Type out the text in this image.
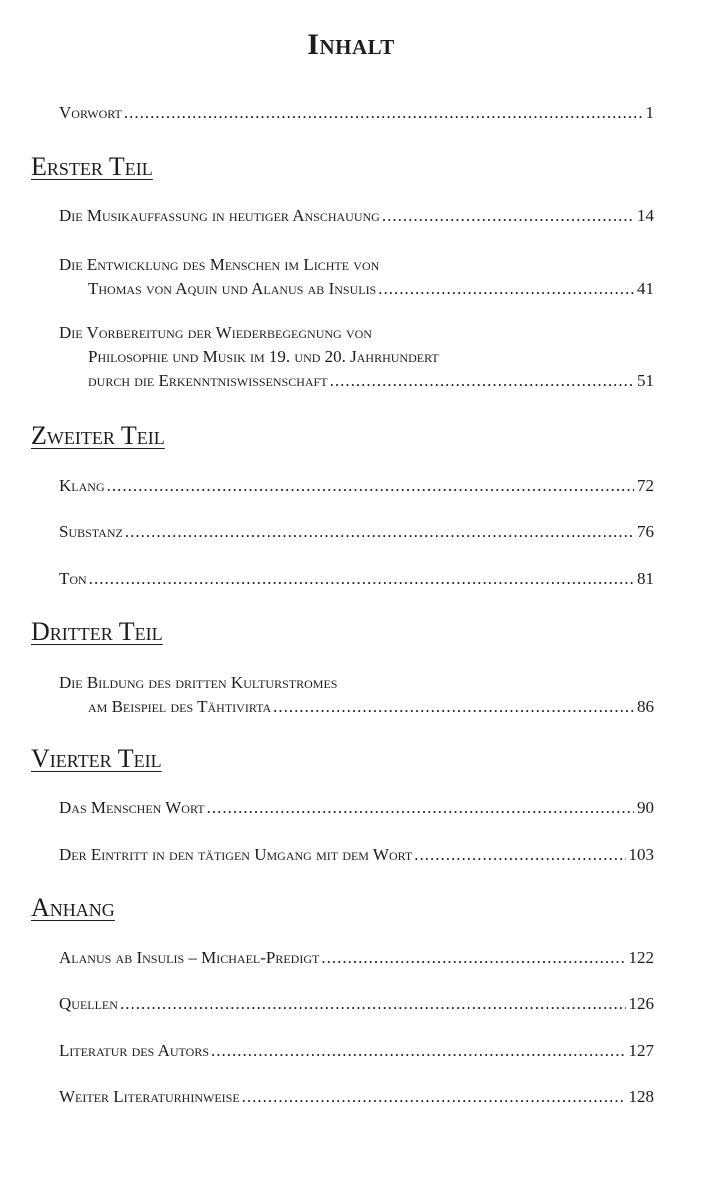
Inhalt
Vorwort .....	1
Erster Teil
Die Musikauffassung in heutiger Anschauung .....	14
Die Entwicklung des Menschen im Lichte von
Thomas von Aquin und Alanus ab Insulis .....	41
Die Vorbereitung der Wiederbegegnung von
Philosophie und Musik im 19. und 20. Jahrhundert
durch die Erkenntniswissenschaft .....	51
Zweiter Teil
Klang .....	72
Substanz .....	76
Ton .....	81
Dritter Teil
Die Bildung des dritten Kulturstromes
am Beispiel des Tähtivirta .....	86
Vierter Teil
Das Menschen Wort .....	90
Der Eintritt in den tätigen Umgang mit dem Wort .....	103
Anhang
Alanus ab Insulis – Michael-Predigt .....	122
Quellen .....	126
Literatur des Autors .....	127
Weiter Literaturhinweise .....	128
